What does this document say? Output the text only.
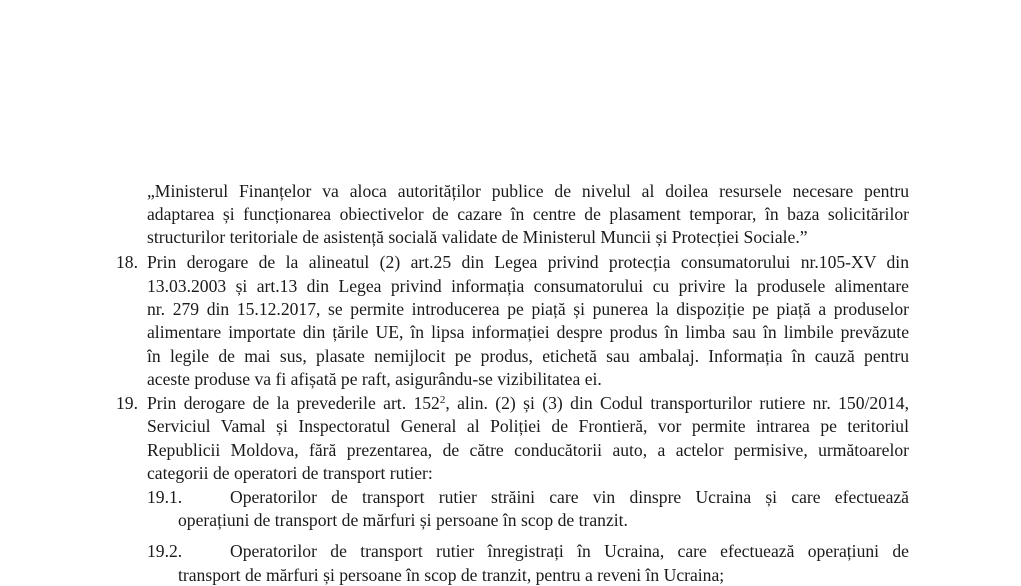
„Ministerul Finanțelor va aloca autorităților publice de nivelul al doilea resursele necesare pentru
adaptarea și funcționarea obiectivelor de cazare în centre de plasament temporar, în baza solicitărilor
structurilor teritoriale de asistență socială validate de Ministerul Muncii și Protecției Sociale.”
18. Prin derogare de la alineatul (2) art.25 din Legea privind protecția consumatorului nr.105-XV din
13.03.2003 și art.13 din Legea privind informația consumatorului cu privire la produsele alimentare
nr. 279 din 15.12.2017, se permite introducerea pe piață și punerea la dispoziție pe piață a produselor
alimentare importate din țările UE, în lipsa informației despre produs în limba sau în limbile prevăzute
în legile de mai sus, plasate nemijlocit pe produs, etichetă sau ambalaj. Informația în cauză pentru
aceste produse va fi afișată pe raft, asigurându-se vizibilitatea ei.
19. Prin derogare de la prevederile art. $152^2$, alin. (2) și (3) din Codul transporturilor rutiere nr. 150/2014,
Serviciul Vamal și Inspectoratul General al Poliției de Frontieră, vor permite intrarea pe teritoriul
Republicii Moldova, fără prezentarea, de către conducătorii auto, a actelor permisive, următoarelor
categorii de operatori de transport rutier:
19.1.	Operatorilor de transport rutier străini care vin dinspre Ucraina și care efectuează
operațiuni de transport de mărfuri și persoane în scop de tranzit.
19.2.	Operatorilor de transport rutier înregistrați în Ucraina, care efectuează operațiuni de
transport de mărfuri și persoane în scop de tranzit, pentru a reveni în Ucraina;
